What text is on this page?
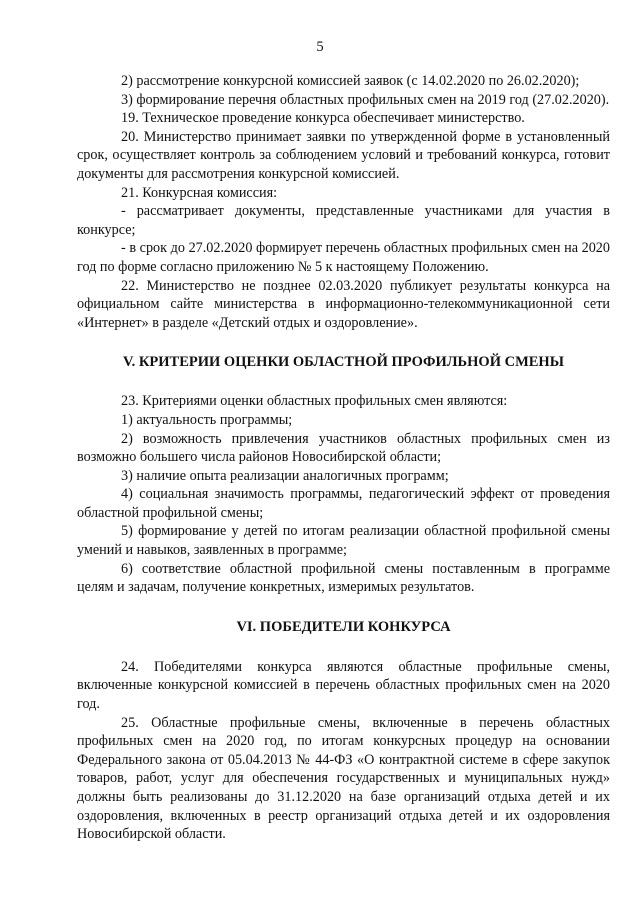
5

2) рассмотрение конкурсной комиссией заявок (с 14.02.2020 по 26.02.2020);

3) формирование перечня областных профильных смен на 2019 год (27.02.2020).

19. Техническое проведение конкурса обеспечивает министерство.

20. Министерство принимает заявки по утвержденной форме в установленный срок, осуществляет контроль за соблюдением условий и требований конкурса, готовит документы для рассмотрения конкурсной комиссией.

21. Конкурсная комиссия:

- рассматривает документы, представленные участниками для участия в конкурсе;

- в срок до 27.02.2020 формирует перечень областных профильных смен на 2020 год по форме согласно приложению № 5 к настоящему Положению.

22. Министерство не позднее 02.03.2020 публикует результаты конкурса на официальном сайте министерства в информационно-телекоммуникационной сети «Интернет» в разделе «Детский отдых и оздоровление».

V. КРИТЕРИИ ОЦЕНКИ ОБЛАСТНОЙ ПРОФИЛЬНОЙ СМЕНЫ

23. Критериями оценки областных профильных смен являются:

1) актуальность программы;

2) возможность привлечения участников областных профильных смен из возможно большего числа районов Новосибирской области;

3) наличие опыта реализации аналогичных программ;

4) социальная значимость программы, педагогический эффект от проведения областной профильной смены;

5) формирование у детей по итогам реализации областной профильной смены умений и навыков, заявленных в программе;

6) соответствие областной профильной смены поставленным в программе целям и задачам, получение конкретных, измеримых результатов.

VI. ПОБЕДИТЕЛИ КОНКУРСА

24. Победителями конкурса являются областные профильные смены, включенные конкурсной комиссией в перечень областных профильных смен на 2020 год.

25. Областные профильные смены, включенные в перечень областных профильных смен на 2020 год, по итогам конкурсных процедур на основании Федерального закона от 05.04.2013 № 44-ФЗ «О контрактной системе в сфере закупок товаров, работ, услуг для обеспечения государственных и муниципальных нужд» должны быть реализованы до 31.12.2020 на базе организаций отдыха детей и их оздоровления, включенных в реестр организаций отдыха детей и их оздоровления Новосибирской области.
